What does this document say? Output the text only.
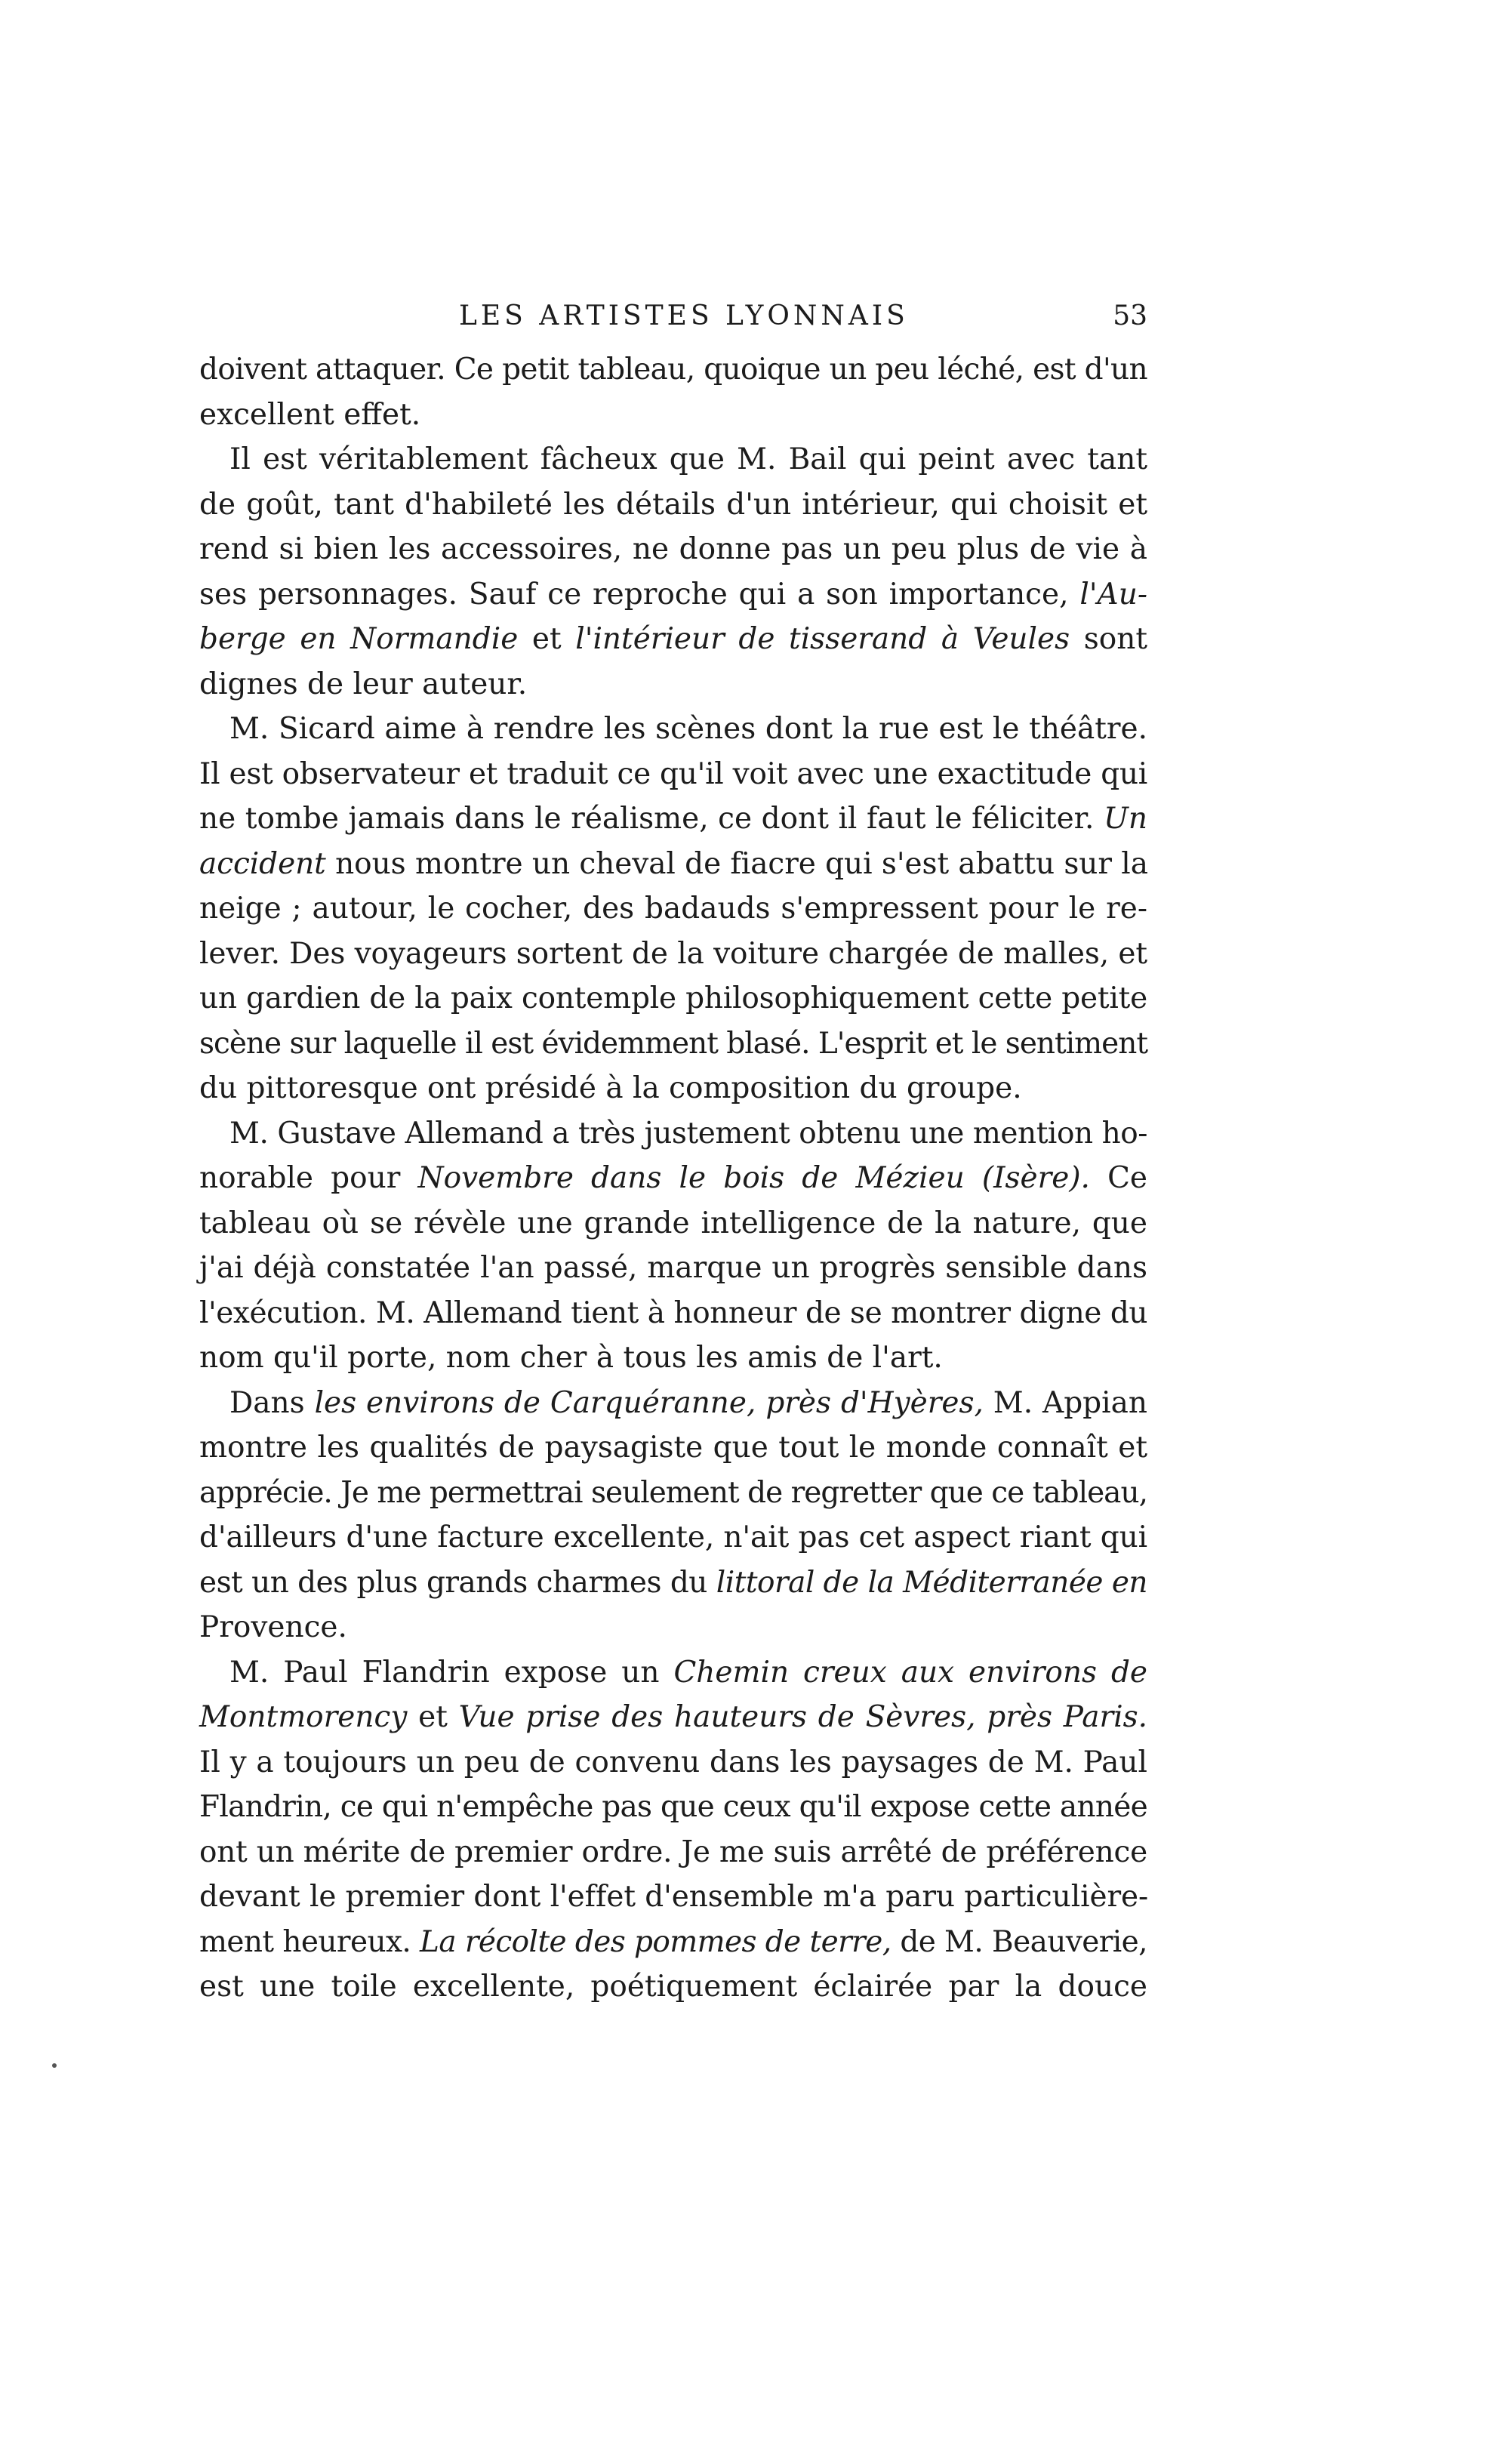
LES ARTISTES LYONNAIS	53
doivent attaquer. Ce petit tableau, quoique un peu léché, est d'un
excellent effet.
Il est véritablement fâcheux que M. Bail qui peint avec tant
de goût, tant d'habileté les détails d'un intérieur, qui choisit et
rend si bien les accessoires, ne donne pas un peu plus de vie à
ses personnages. Sauf ce reproche qui a son importance, l'Au-
berge en Normandie et l'intérieur de tisserand à Veules sont
dignes de leur auteur.
M. Sicard aime à rendre les scènes dont la rue est le théâtre.
Il est observateur et traduit ce qu'il voit avec une exactitude qui
ne tombe jamais dans le réalisme, ce dont il faut le féliciter. Un
accident nous montre un cheval de fiacre qui s'est abattu sur la
neige ; autour, le cocher, des badauds s'empressent pour le re-
lever. Des voyageurs sortent de la voiture chargée de malles, et
un gardien de la paix contemple philosophiquement cette petite
scène sur laquelle il est évidemment blasé. L'esprit et le sentiment
du pittoresque ont présidé à la composition du groupe.
M. Gustave Allemand a très justement obtenu une mention ho-
norable pour Novembre dans le bois de Mézieu (Isère). Ce
tableau où se révèle une grande intelligence de la nature, que
j'ai déjà constatée l'an passé, marque un progrès sensible dans
l'exécution. M. Allemand tient à honneur de se montrer digne du
nom qu'il porte, nom cher à tous les amis de l'art.
Dans les environs de Carquéranne, près d'Hyères, M. Appian
montre les qualités de paysagiste que tout le monde connaît et
apprécie. Je me permettrai seulement de regretter que ce tableau,
d'ailleurs d'une facture excellente, n'ait pas cet aspect riant qui
est un des plus grands charmes du littoral de la Méditerranée en
Provence.
M. Paul Flandrin expose un Chemin creux aux environs de
Montmorency et Vue prise des hauteurs de Sèvres, près Paris.
Il y a toujours un peu de convenu dans les paysages de M. Paul
Flandrin, ce qui n'empêche pas que ceux qu'il expose cette année
ont un mérite de premier ordre. Je me suis arrêté de préférence
devant le premier dont l'effet d'ensemble m'a paru particulière-
ment heureux. La récolte des pommes de terre, de M. Beauverie,
est une toile excellente, poétiquement éclairée par la douce
